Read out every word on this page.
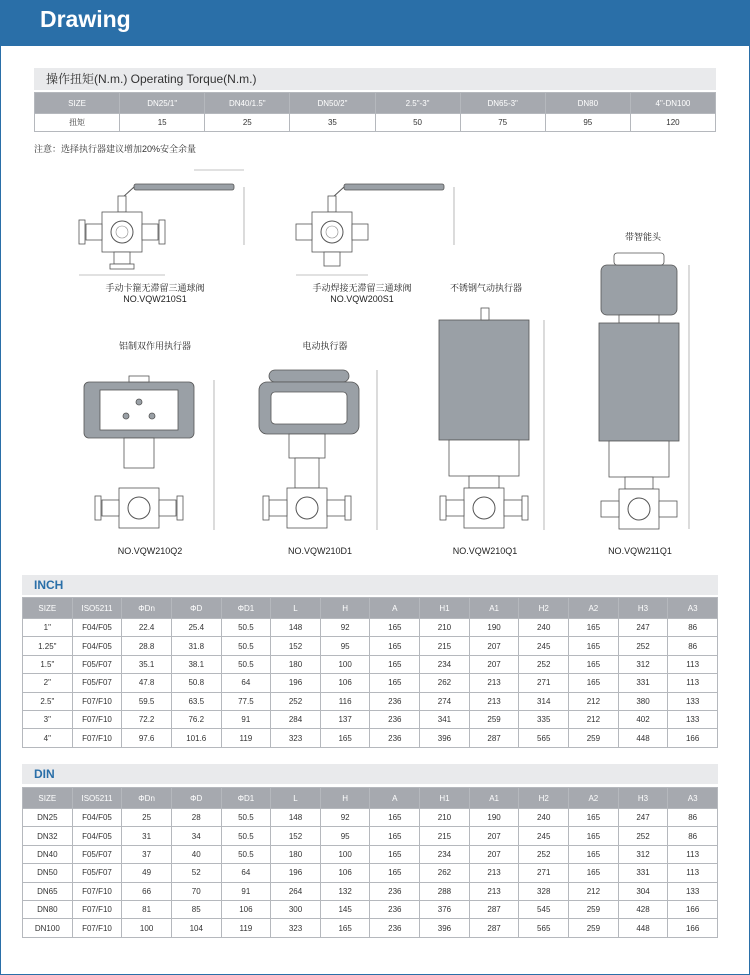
Drawing
操作扭矩(N.m.) Operating Torque(N.m.)
SIZE	DN25/1"	DN40/1.5"	DN50/2"	2.5"-3"	DN65-3"	DN80	4"-DN100
扭矩	15	25	35	50	75	95	120
注意：选择执行器建议增加20%安全余量
手动卡箍无滞留三通球阀
NO.VQW210S1
手动焊接无滞留三通球阀
NO.VQW200S1
不锈钢气动执行器
带智能头
铝制双作用执行器	电动执行器
NO.VQW210Q2	NO.VQW210D1	NO.VQW210Q1	NO.VQW211Q1
INCH
SIZE	ISO5211	ΦDn	ΦD	ΦD1	L	H	A	H1	A1	H2	A2	H3	A3
1"	F04/F05	22.4	25.4	50.5	148	92	165	210	190	240	165	247	86
1.25"	F04/F05	28.8	31.8	50.5	152	95	165	215	207	245	165	252	86
1.5"	F05/F07	35.1	38.1	50.5	180	100	165	234	207	252	165	312	113
2"	F05/F07	47.8	50.8	64	196	106	165	262	213	271	165	331	113
2.5"	F07/F10	59.5	63.5	77.5	252	116	236	274	213	314	212	380	133
3"	F07/F10	72.2	76.2	91	284	137	236	341	259	335	212	402	133
4"	F07/F10	97.6	101.6	119	323	165	236	396	287	565	259	448	166
DIN
SIZE	ISO5211	ΦDn	ΦD	ΦD1	L	H	A	H1	A1	H2	A2	H3	A3
DN25	F04/F05	25	28	50.5	148	92	165	210	190	240	165	247	86
DN32	F04/F05	31	34	50.5	152	95	165	215	207	245	165	252	86
DN40	F05/F07	37	40	50.5	180	100	165	234	207	252	165	312	113
DN50	F05/F07	49	52	64	196	106	165	262	213	271	165	331	113
DN65	F07/F10	66	70	91	264	132	236	288	213	328	212	304	133
DN80	F07/F10	81	85	106	300	145	236	376	287	545	259	428	166
DN100	F07/F10	100	104	119	323	165	236	396	287	565	259	448	166
